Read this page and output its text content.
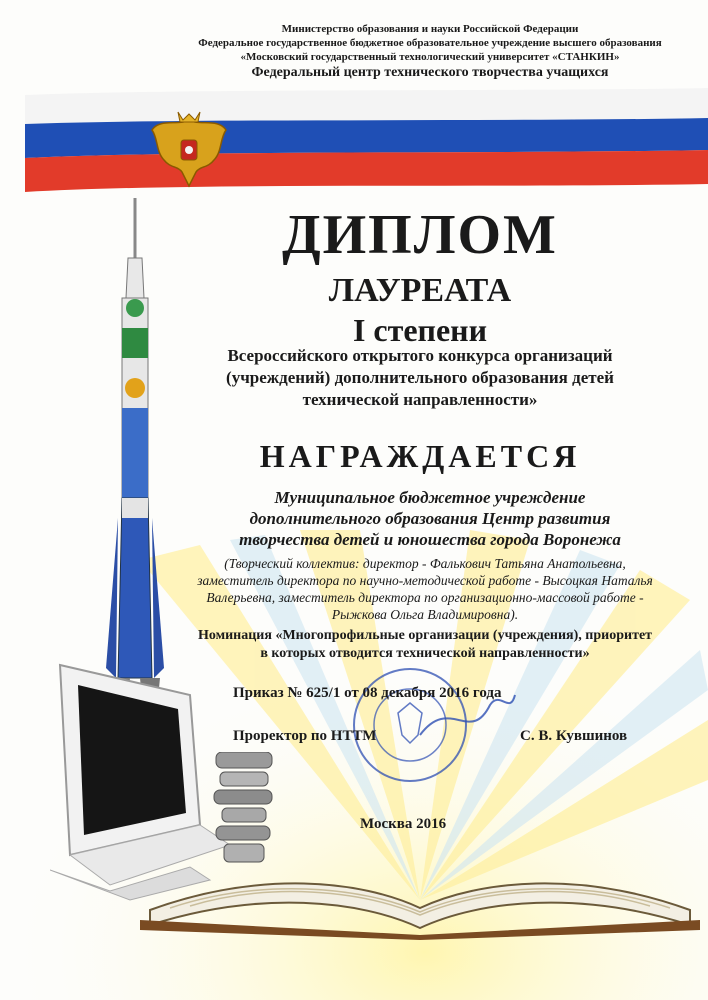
Министерство образования и науки Российской Федерации
Федеральное государственное бюджетное образовательное учреждение высшего образования
«Московский государственный технологический университет «СТАНКИН»
Федеральный центр технического творчества учащихся
ДИПЛОМ
ЛАУРЕАТА
I степени
Всероссийского открытого конкурса организаций (учреждений) дополнительного образования детей технической направленности»
НАГРАЖДАЕТСЯ
Муниципальное бюджетное учреждение дополнительного образования Центр развития творчества детей и юношества города Воронежа
(Творческий коллектив: директор - Фалькович Татьяна Анатольевна, заместитель директора по научно-методической работе - Высоцкая Наталья Валерьевна, заместитель директора по организационно-массовой работе - Рыжкова Ольга Владимировна).
Номинация «Многопрофильные организации (учреждения), приоритет в которых отводится технической направленности»
Приказ № 625/1 от 08 декабря 2016 года
Проректор по НТТМ	С. В. Кувшинов
Москва 2016
